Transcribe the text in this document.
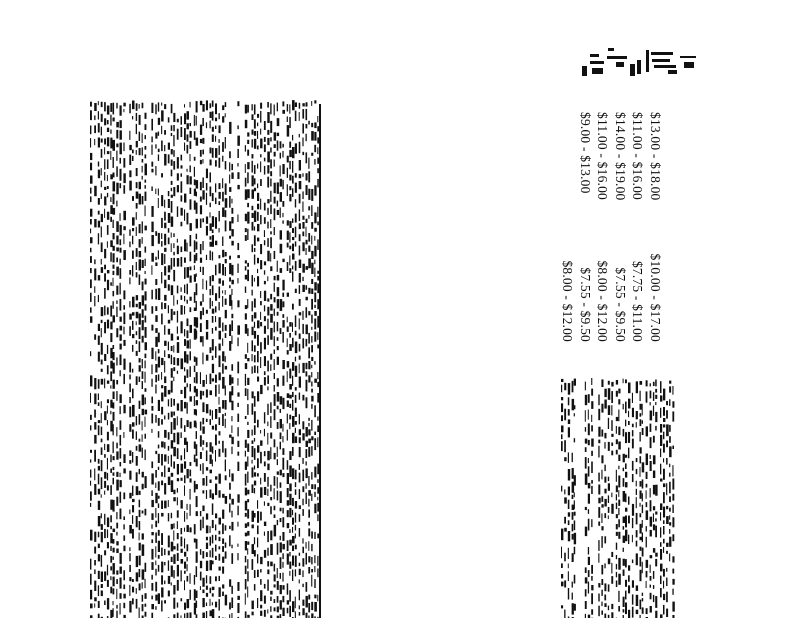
$13.00 - $18.00
$11.00 - $16.00
$14.00 - $19.00
$11.00 - $16.00
$9.00 - $13.00
$10.00 - $17.00
$7.75 - $11.00
$7.55 - $9.50
$8.00 - $12.00
$7.55 - $9.50
$8.00 - $12.00
